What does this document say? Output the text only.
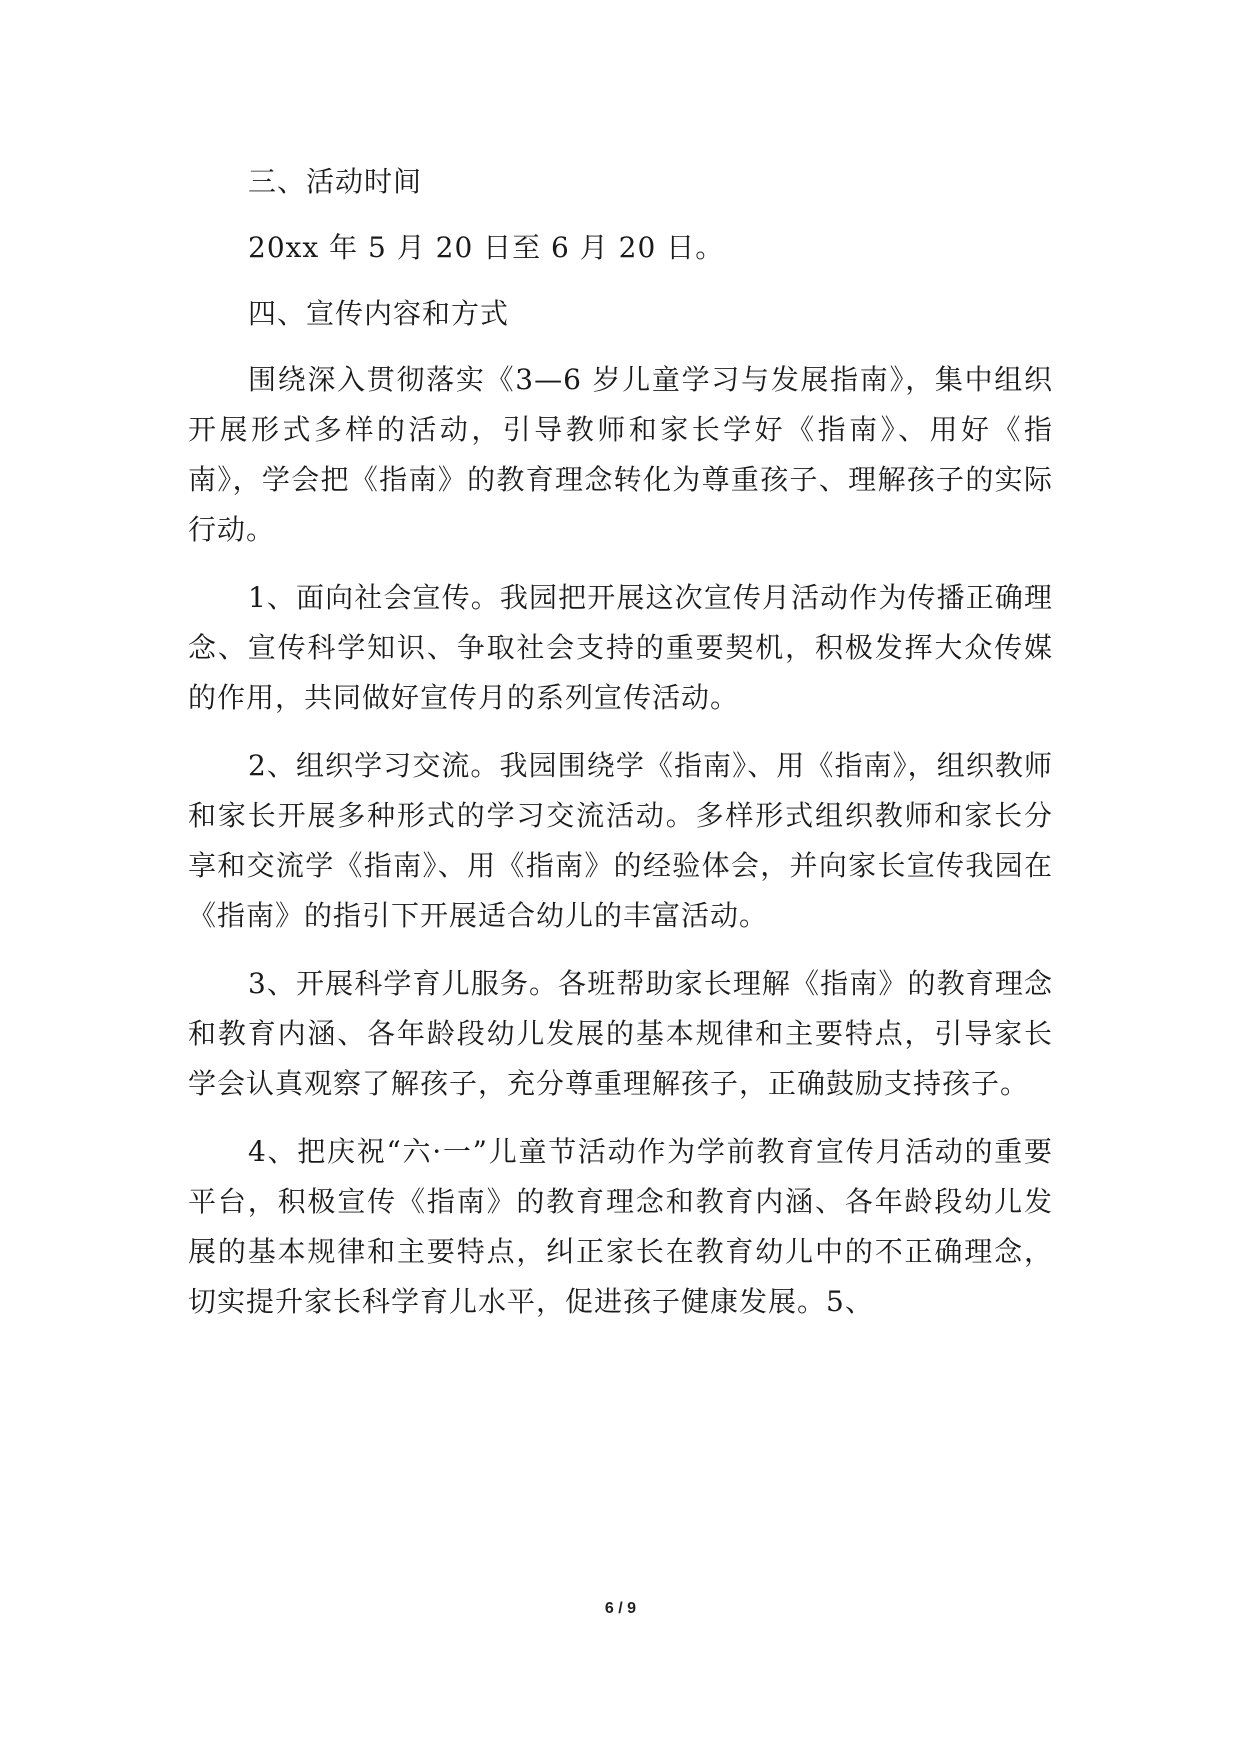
三、活动时间

20xx 年 5 月 20 日至 6 月 20 日。

四、宣传内容和方式

围绕深入贯彻落实《3—6 岁儿童学习与发展指南》，集中组织开展形式多样的活动，引导教师和家长学好《指南》、用好《指南》，学会把《指南》的教育理念转化为尊重孩子、理解孩子的实际行动。

1、面向社会宣传。我园把开展这次宣传月活动作为传播正确理念、宣传科学知识、争取社会支持的重要契机，积极发挥大众传媒的作用，共同做好宣传月的系列宣传活动。

2、组织学习交流。我园围绕学《指南》、用《指南》，组织教师和家长开展多种形式的学习交流活动。多样形式组织教师和家长分享和交流学《指南》、用《指南》的经验体会，并向家长宣传我园在《指南》的指引下开展适合幼儿的丰富活动。

3、开展科学育儿服务。各班帮助家长理解《指南》的教育理念和教育内涵、各年龄段幼儿发展的基本规律和主要特点，引导家长学会认真观察了解孩子，充分尊重理解孩子，正确鼓励支持孩子。

4、把庆祝“六·一”儿童节活动作为学前教育宣传月活动的重要平台，积极宣传《指南》的教育理念和教育内涵、各年龄段幼儿发展的基本规律和主要特点，纠正家长在教育幼儿中的不正确理念，切实提升家长科学育儿水平，促进孩子健康发展。5、

6 / 9
